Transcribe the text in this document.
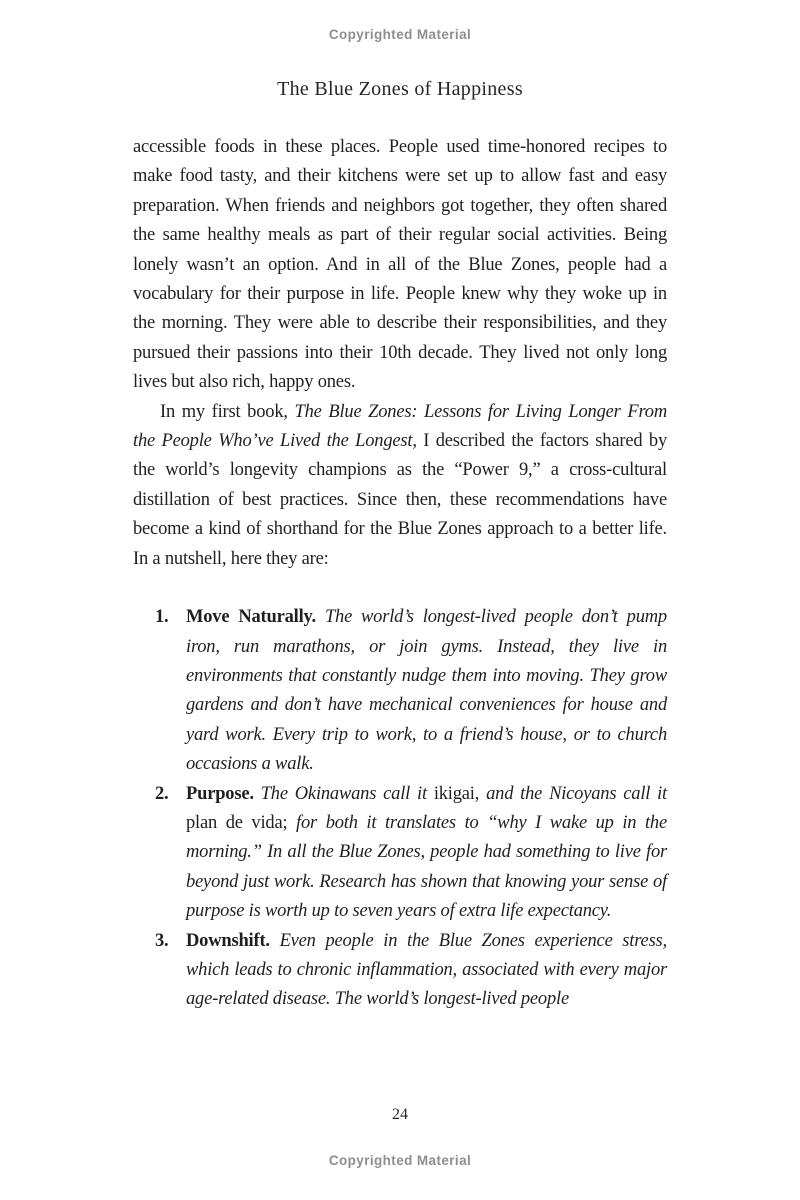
Copyrighted Material
The Blue Zones of Happiness

accessible foods in these places. People used time-honored recipes to make food tasty, and their kitchens were set up to allow fast and easy preparation. When friends and neighbors got together, they often shared the same healthy meals as part of their regular social activities. Being lonely wasn’t an option. And in all of the Blue Zones, people had a vocabulary for their purpose in life. People knew why they woke up in the morning. They were able to describe their responsibilities, and they pursued their passions into their 10th decade. They lived not only long lives but also rich, happy ones.

In my first book, The Blue Zones: Lessons for Living Longer From the People Who’ve Lived the Longest, I described the factors shared by the world’s longevity champions as the “Power 9,” a cross-cultural distillation of best practices. Since then, these recommendations have become a kind of shorthand for the Blue Zones approach to a better life. In a nutshell, here they are:

1. Move Naturally. The world’s longest-lived people don’t pump iron, run marathons, or join gyms. Instead, they live in environments that constantly nudge them into moving. They grow gardens and don’t have mechanical conveniences for house and yard work. Every trip to work, to a friend’s house, or to church occasions a walk.
2. Purpose. The Okinawans call it ikigai, and the Nicoyans call it plan de vida; for both it translates to “why I wake up in the morning.” In all the Blue Zones, people had something to live for beyond just work. Research has shown that knowing your sense of purpose is worth up to seven years of extra life expectancy.
3. Downshift. Even people in the Blue Zones experience stress, which leads to chronic inflammation, associated with every major age-related disease. The world’s longest-lived people
24
Copyrighted Material
